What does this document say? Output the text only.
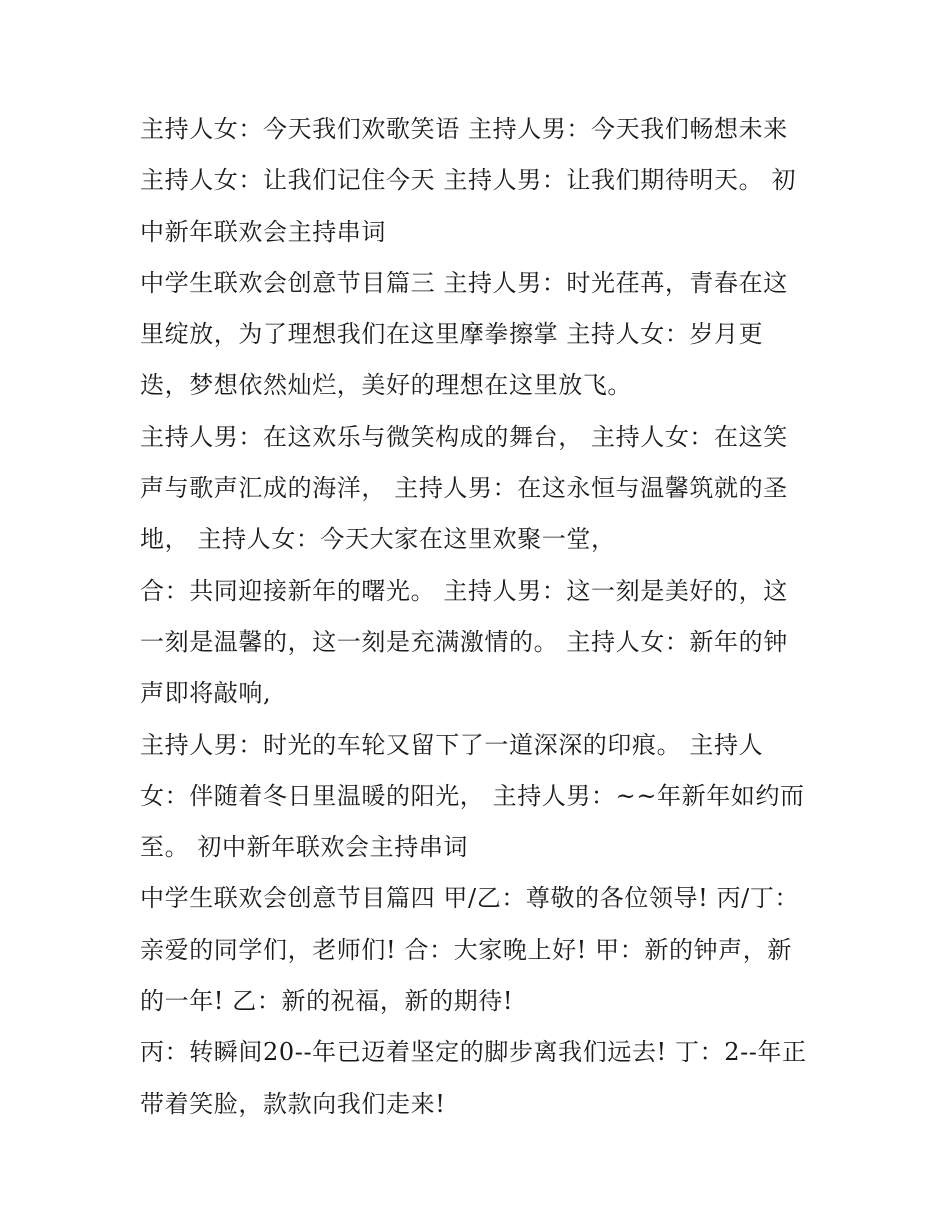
主持人女：今天我们欢歌笑语 主持人男：今天我们畅想未来
主持人女：让我们记住今天 主持人男：让我们期待明天。 初
中新年联欢会主持串词
中学生联欢会创意节目篇三 主持人男：时光荏苒，青春在这
里绽放，为了理想我们在这里摩拳擦掌 主持人女：岁月更
迭，梦想依然灿烂，美好的理想在这里放飞。
主持人男：在这欢乐与微笑构成的舞台， 主持人女：在这笑
声与歌声汇成的海洋， 主持人男：在这永恒与温馨筑就的圣
地， 主持人女：今天大家在这里欢聚一堂，
合：共同迎接新年的曙光。 主持人男：这一刻是美好的，这
一刻是温馨的，这一刻是充满激情的。 主持人女：新年的钟
声即将敲响,
主持人男：时光的车轮又留下了一道深深的印痕。 主持人
女：伴随着冬日里温暖的阳光， 主持人男：~~年新年如约而
至。 初中新年联欢会主持串词
中学生联欢会创意节目篇四 甲/乙：尊敬的各位领导! 丙/丁：
亲爱的同学们，老师们! 合：大家晚上好! 甲：新的钟声，新
的一年! 乙：新的祝福，新的期待!
丙：转瞬间20--年已迈着坚定的脚步离我们远去! 丁：2--年正
带着笑脸，款款向我们走来!
